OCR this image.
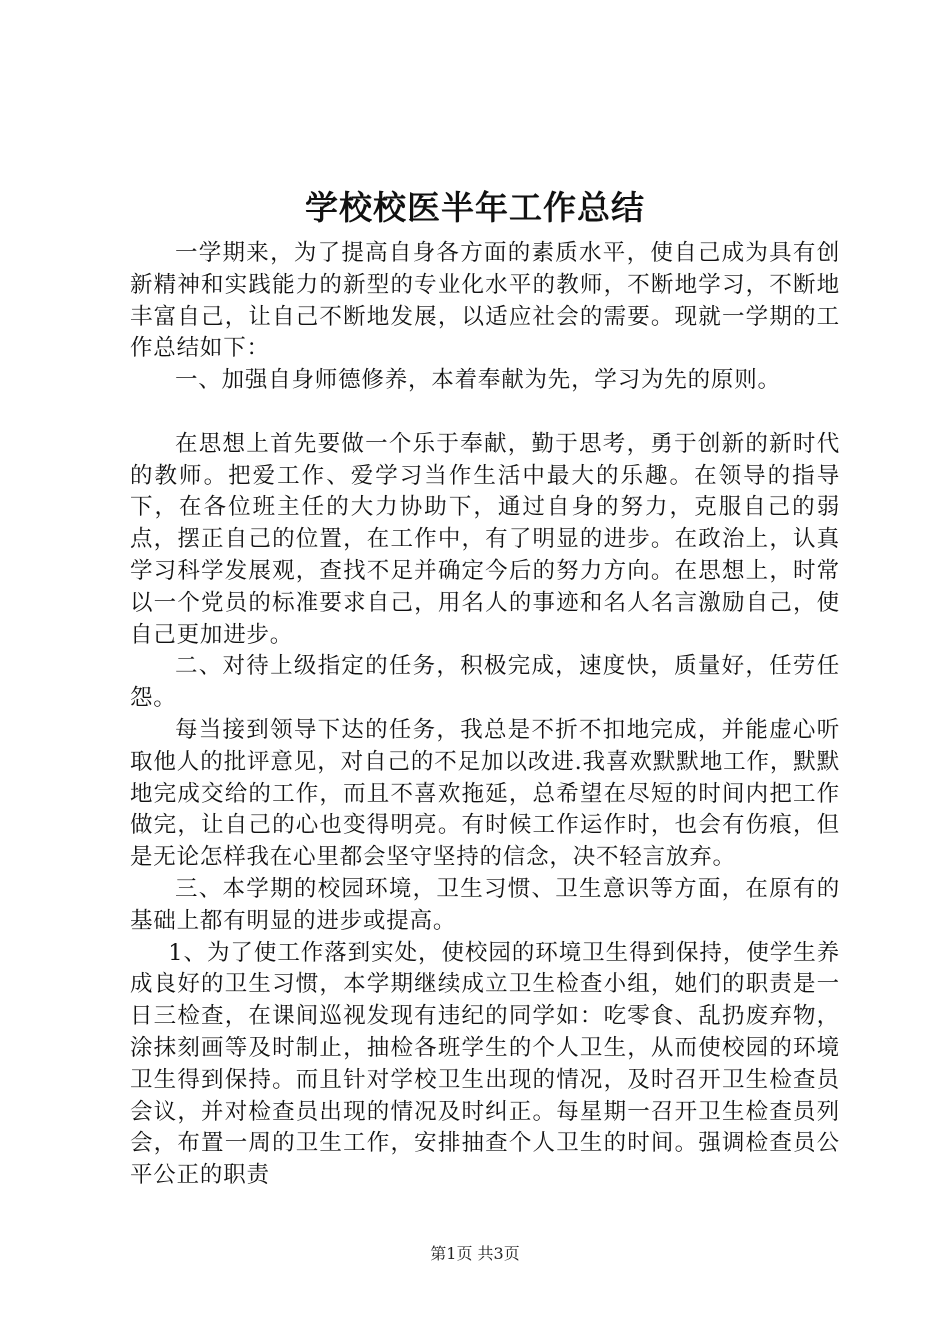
学校校医半年工作总结

一学期来，为了提高自身各方面的素质水平，使自己成为具有创新精神和实践能力的新型的专业化水平的教师，不断地学习，不断地丰富自己，让自己不断地发展，以适应社会的需要。现就一学期的工作总结如下：

一、加强自身师德修养，本着奉献为先，学习为先的原则。

在思想上首先要做一个乐于奉献，勤于思考，勇于创新的新时代的教师。把爱工作、爱学习当作生活中最大的乐趣。在领导的指导下，在各位班主任的大力协助下，通过自身的努力，克服自己的弱点，摆正自己的位置，在工作中，有了明显的进步。在政治上，认真学习科学发展观，查找不足并确定今后的努力方向。在思想上，时常以一个党员的标准要求自己，用名人的事迹和名人名言激励自己，使自己更加进步。

二、对待上级指定的任务，积极完成，速度快，质量好，任劳任怨。

每当接到领导下达的任务，我总是不折不扣地完成，并能虚心听取他人的批评意见，对自己的不足加以改进.我喜欢默默地工作，默默地完成交给的工作，而且不喜欢拖延，总希望在尽短的时间内把工作做完，让自己的心也变得明亮。有时候工作运作时，也会有伤痕，但是无论怎样我在心里都会坚守坚持的信念，决不轻言放弃。

三、本学期的校园环境，卫生习惯、卫生意识等方面，在原有的基础上都有明显的进步或提高。

1、为了使工作落到实处，使校园的环境卫生得到保持，使学生养成良好的卫生习惯，本学期继续成立卫生检查小组，她们的职责是一日三检查，在课间巡视发现有违纪的同学如：吃零食、乱扔废弃物，涂抹刻画等及时制止，抽检各班学生的个人卫生，从而使校园的环境卫生得到保持。而且针对学校卫生出现的情况，及时召开卫生检查员会议，并对检查员出现的情况及时纠正。每星期一召开卫生检查员列会，布置一周的卫生工作，安排抽查个人卫生的时间。强调检查员公平公正的职责

第1页 共3页
